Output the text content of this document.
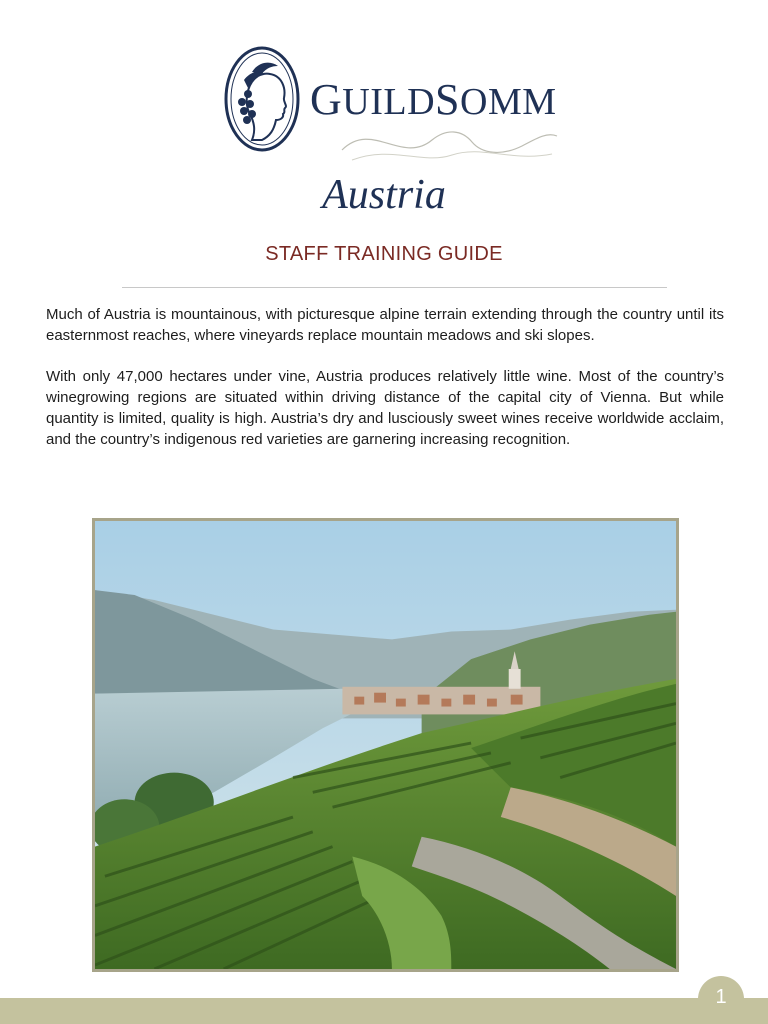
GUILDSOMM
Austria
STAFF TRAINING GUIDE

Much of Austria is mountainous, with picturesque alpine terrain extending through the country until its easternmost reaches, where vineyards replace mountain meadows and ski slopes.

With only 47,000 hectares under vine, Austria produces relatively little wine. Most of the country’s winegrowing regions are situated within driving distance of the capital city of Vienna. But while quantity is limited, quality is high. Austria’s dry and lusciously sweet wines receive worldwide acclaim, and the country’s indigenous red varieties are garnering increasing recognition.

1
